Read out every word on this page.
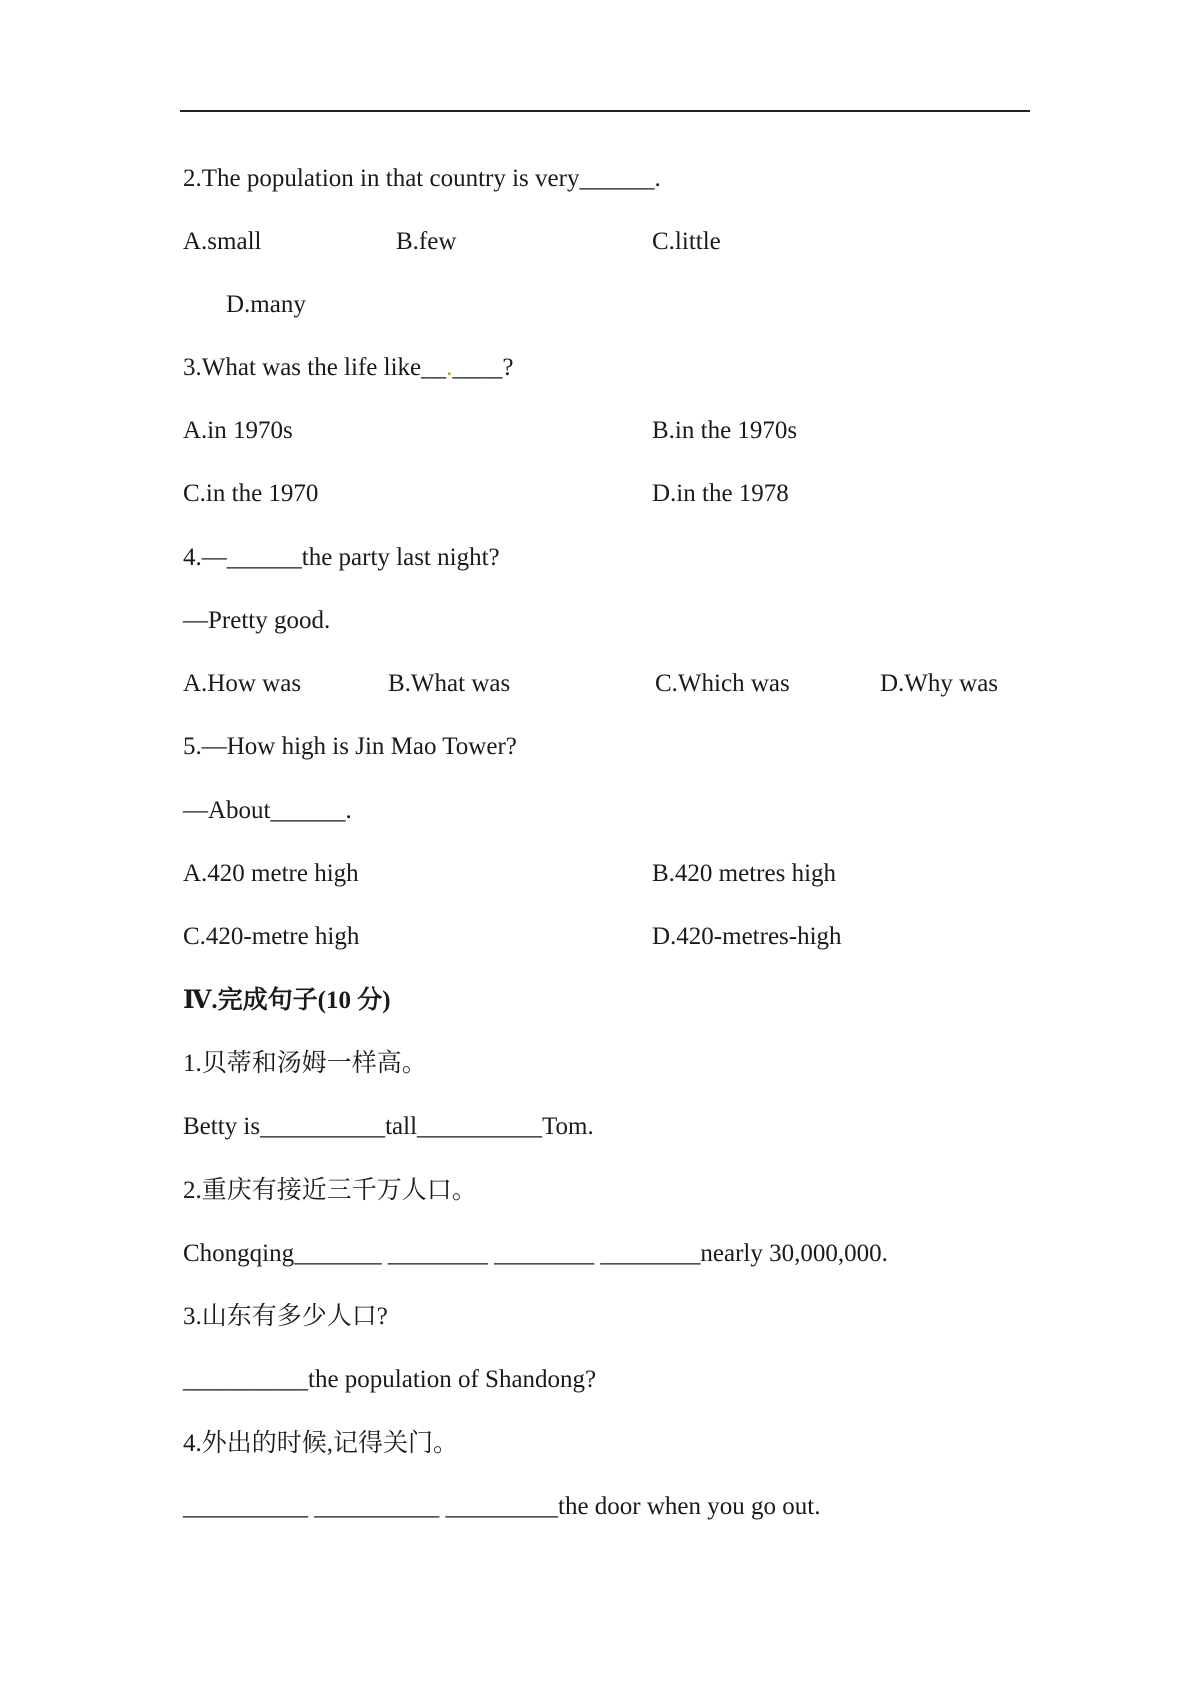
2.The population in that country is very______.
A.small	B.few	C.little
D.many
3.What was the life like__.____?
A.in 1970s	B.in the 1970s
C.in the 1970	D.in the 1978
4.—______the party last night?
—Pretty good.
A.How was	B.What was	C.Which was	D.Why was
5.—How high is Jin Mao Tower?
—About______.
A.420 metre high	B.420 metres high
C.420-metre high	D.420-metres-high
Ⅳ.完成句子(10 分)
1.贝蒂和汤姆一样高。
Betty is__________tall__________Tom.
2.重庆有接近三千万人口。
Chongqing_______ ________ ________ ________nearly 30,000,000.
3.山东有多少人口?
__________the population of Shandong?
4.外出的时候,记得关门。
__________ __________ _________the door when you go out.
